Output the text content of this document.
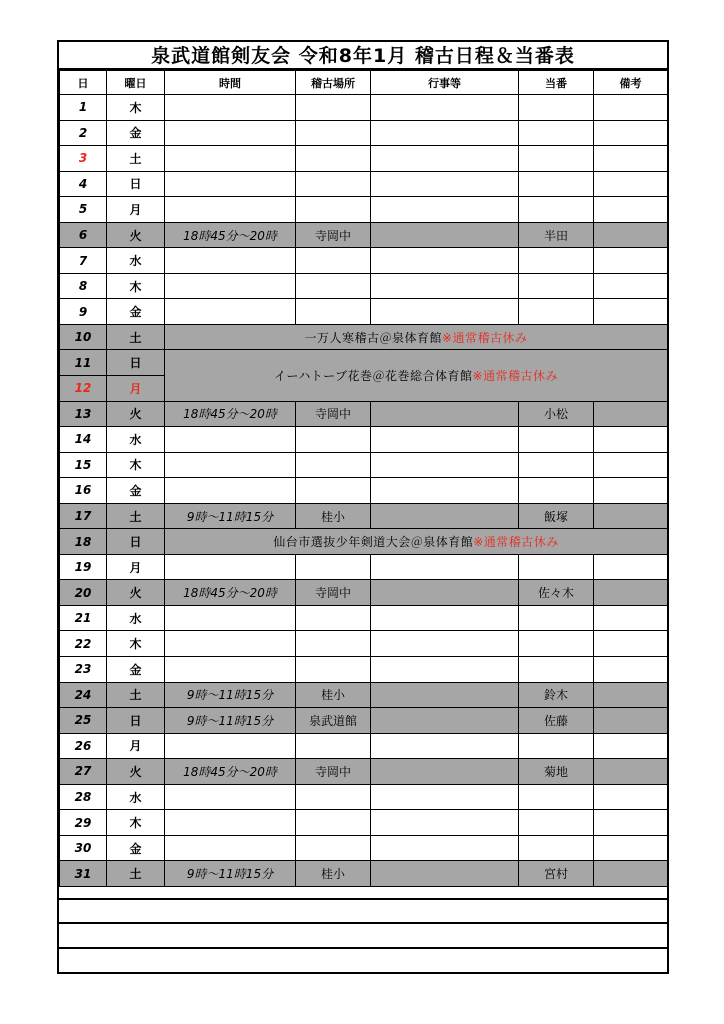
泉武道館剣友会 令和8年1月 稽古日程＆当番表
日	曜日	時間	稽古場所	行事等	当番	備考
1	木					
2	金					
3	土					
4	日					
5	月					
6	火	18時45分～20時	寺岡中		半田	
7	水					
8	木					
9	金					
10	土	一万人寒稽古＠泉体育館※通常稽古休み				
11	日	イーハトーブ花巻＠花巻総合体育館※通常稽古休み				
12	月					
13	火	18時45分～20時	寺岡中		小松	
14	水					
15	木					
16	金					
17	土	9時～11時15分	桂小		飯塚	
18	日	仙台市選抜少年剣道大会＠泉体育館※通常稽古休み				
19	月					
20	火	18時45分～20時	寺岡中		佐々木	
21	水					
22	木					
23	金					
24	土	9時～11時15分	桂小		鈴木	
25	日	9時～11時15分	泉武道館		佐藤	
26	月					
27	火	18時45分～20時	寺岡中		菊地	
28	水					
29	木					
30	金					
31	土	9時～11時15分	桂小		宮村	
